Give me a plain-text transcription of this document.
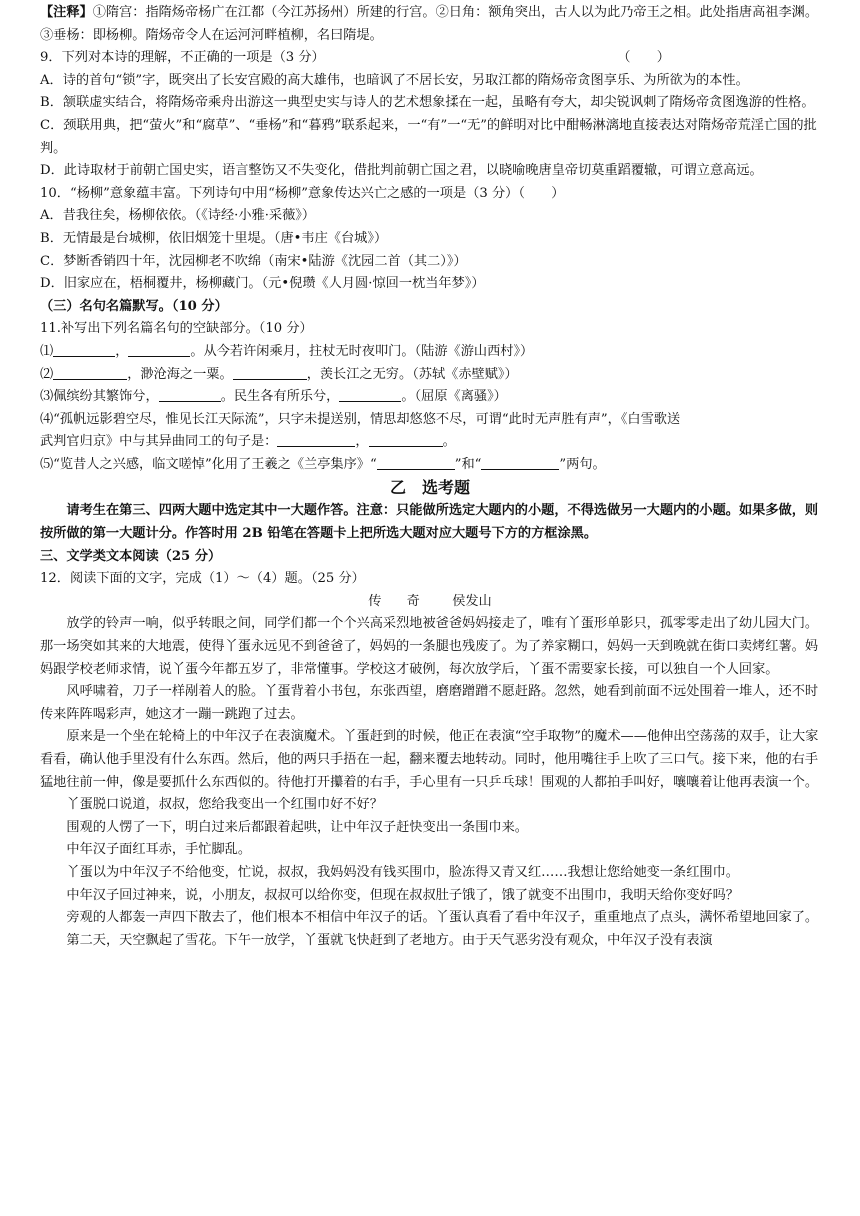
【注释】①隋宫：指隋炀帝杨广在江都（今江苏扬州）所建的行宫。②日角：额角突出，古人以为此乃帝王之相。此处指唐高祖李渊。③垂杨：即杨柳。隋炀帝令人在运河河畔植柳，名曰隋堤。

9．下列对本诗的理解，不正确的一项是（3 分）	（　　）

A．诗的首句“锁”字，既突出了长安宫殿的高大雄伟，也暗讽了不居长安，另取江都的隋炀帝贪图享乐、为所欲为的本性。

B．颔联虚实结合，将隋炀帝乘舟出游这一典型史实与诗人的艺术想象揉在一起，虽略有夸大，却尖锐讽刺了隋炀帝贪图逸游的性格。

C．颈联用典，把“萤火”和“腐草”、“垂杨”和“暮鸦”联系起来，一“有”一“无”的鲜明对比中酣畅淋漓地直接表达对隋炀帝荒淫亡国的批判。

D．此诗取材于前朝亡国史实，语言整饬又不失变化，借批判前朝亡国之君，以晓喻晚唐皇帝切莫重蹈覆辙，可谓立意高远。

10．“杨柳”意象蕴丰富。下列诗句中用“杨柳”意象传达兴亡之感的一项是（3 分）（　　）

A．昔我往矣，杨柳依依。（《诗经·小雅·采薇》）

B．无情最是台城柳，依旧烟笼十里堤。（唐•韦庄《台城》）

C．梦断香销四十年，沈园柳老不吹绵（南宋•陆游《沈园二首（其二）》）

D．旧家应在，梧桐覆井，杨柳藏门。（元•倪瓒《人月圆·惊回一枕当年梦》）

（三）名句名篇默写。（10 分）

11.补写出下列名篇名句的空缺部分。（10 分）

⑴	，	。从今若许闲乘月，拄杖无时夜叩门。（陆游《游山西村》）

⑵	，渺沧海之一粟。	，羡长江之无穷。（苏轼《赤壁赋》）

⑶佩缤纷其繁饰兮，	。民生各有所乐兮，	。（屈原《离骚》）

⑷“孤帆远影碧空尽，惟见长江天际流”，只字未提送别，情思却悠悠不尽，可谓“此时无声胜有声”，《白雪歌送

武判官归京》中与其异曲同工的句子是：	，	。

⑸“览昔人之兴感，临文嗟悼”化用了王羲之《兰亭集序》“	”和“	”两句。

乙　选考题

请考生在第三、四两大题中选定其中一大题作答。注意：只能做所选定大题内的小题，不得选做另一大题内的小题。如果多做，则按所做的第一大题计分。作答时用 2B 铅笔在答题卡上把所选大题对应大题号下方的方框涂黑。

三、文学类文本阅读（25 分）

12．阅读下面的文字，完成（1）～（4）题。（25 分）

传　奇　　 侯发山

放学的铃声一响，似乎转眼之间，同学们都一个个兴高采烈地被爸爸妈妈接走了，唯有丫蛋形单影只，孤零零走出了幼儿园大门。那一场突如其来的大地震，使得丫蛋永远见不到爸爸了，妈妈的一条腿也残废了。为了养家糊口，妈妈一天到晚就在街口卖烤红薯。妈妈跟学校老师求情，说丫蛋今年都五岁了，非常懂事。学校这才破例，每次放学后，丫蛋不需要家长接，可以独自一个人回家。

风呼啸着，刀子一样剐着人的脸。丫蛋背着小书包，东张西望，磨磨蹭蹭不愿赶路。忽然，她看到前面不远处围着一堆人，还不时传来阵阵喝彩声，她这才一蹦一跳跑了过去。

原来是一个坐在轮椅上的中年汉子在表演魔术。丫蛋赶到的时候，他正在表演“空手取物”的魔术——他伸出空荡荡的双手，让大家看看，确认他手里没有什么东西。然后，他的两只手捂在一起，翻来覆去地转动。同时，他用嘴往手上吹了三口气。接下来，他的右手猛地往前一伸，像是要抓什么东西似的。待他打开攥着的右手，手心里有一只乒乓球！围观的人都拍手叫好，嚷嚷着让他再表演一个。

丫蛋脱口说道，叔叔，您给我变出一个红围巾好不好？

围观的人愣了一下，明白过来后都跟着起哄，让中年汉子赶快变出一条围巾来。

中年汉子面红耳赤，手忙脚乱。

丫蛋以为中年汉子不给他变，忙说，叔叔，我妈妈没有钱买围巾，脸冻得又青又红……我想让您给她变一条红围巾。

中年汉子回过神来，说，小朋友，叔叔可以给你变，但现在叔叔肚子饿了，饿了就变不出围巾，我明天给你变好吗？

旁观的人都轰一声四下散去了，他们根本不相信中年汉子的话。丫蛋认真看了看中年汉子，重重地点了点头，满怀希望地回家了。

第二天，天空飘起了雪花。下午一放学，丫蛋就飞快赶到了老地方。由于天气恶劣没有观众，中年汉子没有表演
